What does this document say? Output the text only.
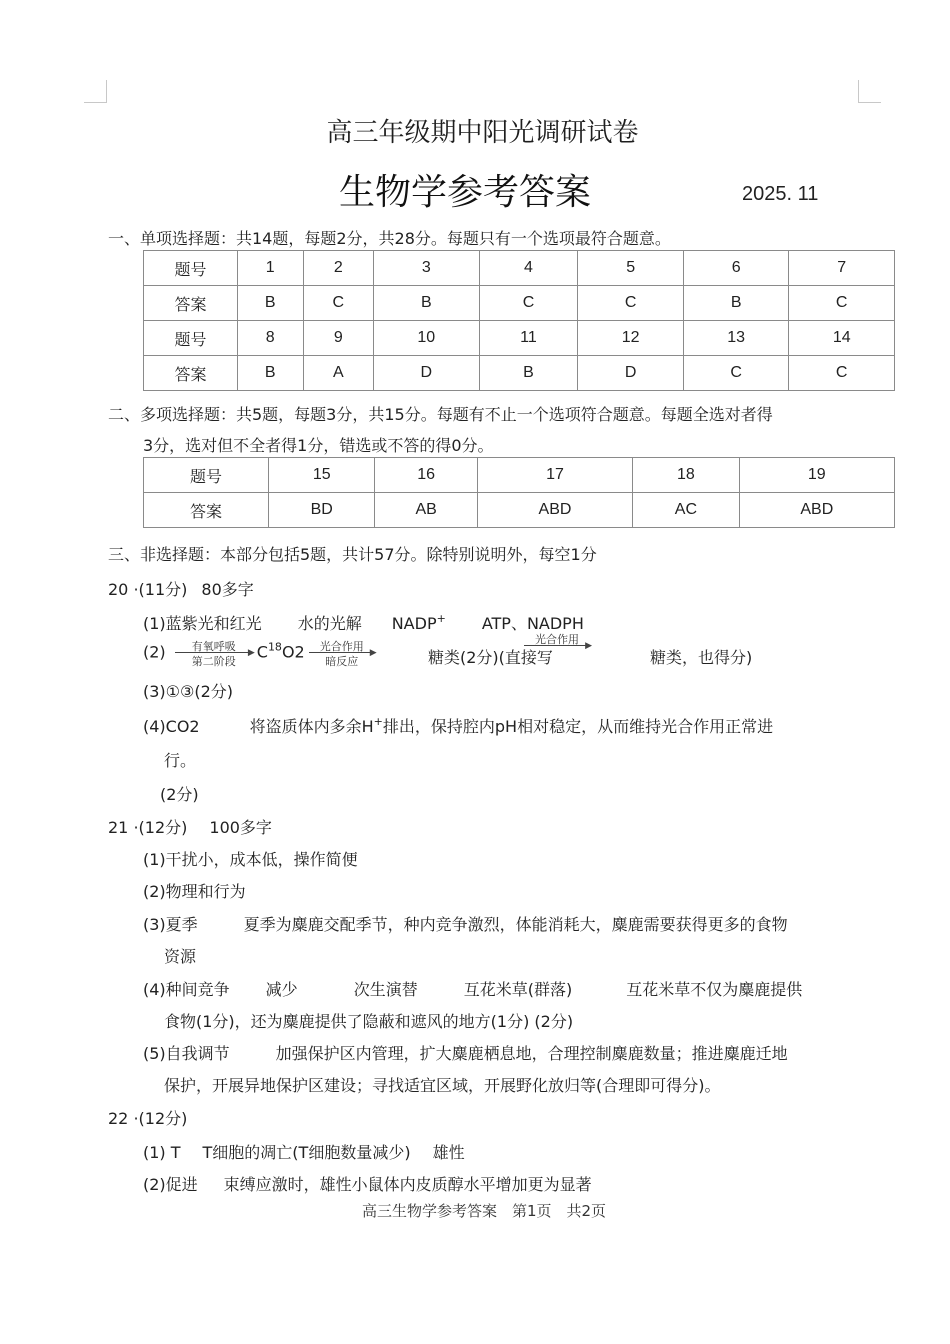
高三年级期中阳光调研试卷
生物学参考答案	2025. 11
一、单项选择题：共14题，每题2分，共28分。每题只有一个选项最符合题意。
题号	1	2	3	4	5	6	7
答案	B	C	B	C	C	B	C
题号	8	9	10	11	12	13	14
答案	B	A	D	B	D	C	C
二、多项选择题：共5题，每题3分，共15分。每题有不止一个选项符合题意。每题全选对者得
3分，选对但不全者得1分，错选或不答的得0分。
题号	15	16	17	18	19
答案	BD	AB	ABD	AC	ABD
三、非选择题：本部分包括5题，共计57分。除特别说明外，每空1分
20 ·(11分) 80多字
(1)蓝紫光和红光 水的光解 NADP+ ATP、NADPH
(2)	有氧呼吸	▶
第二阶段	$C^{18}O2$	光合作用 ▶
暗反应	糖类(2分)(直接写
光合作用 ▶
糖类，也得分)
(3)①③(2分)
(4)CO2	将盗质体内多余H+排出，保持腔内pH相对稳定，从而维持光合作用正常进
行。
(2分)
21 ·(12分) 100多字
(1)干扰小，成本低，操作简便
(2)物理和行为
(3)夏季	夏季为麋鹿交配季节，种内竞争激烈，体能消耗大，麋鹿需要获得更多的食物
资源
(4)种间竞争 减少	次生演替	互花米草(群落)	互花米草不仅为麋鹿提供
食物(1分)，还为麋鹿提供了隐蔽和遮风的地方(1分) (2分)
(5)自我调节	加强保护区内管理，扩大麋鹿栖息地，合理控制麋鹿数量；推进麋鹿迁地
保护，开展异地保护区建设；寻找适宜区域，开展野化放归等(合理即可得分)。
22 ·(12分)
(1) T T细胞的凋亡(T细胞数量减少) 雄性
(2)促进 束缚应激时，雄性小鼠体内皮质醇水平增加更为显著
高三生物学参考答案　第1页　共2页
